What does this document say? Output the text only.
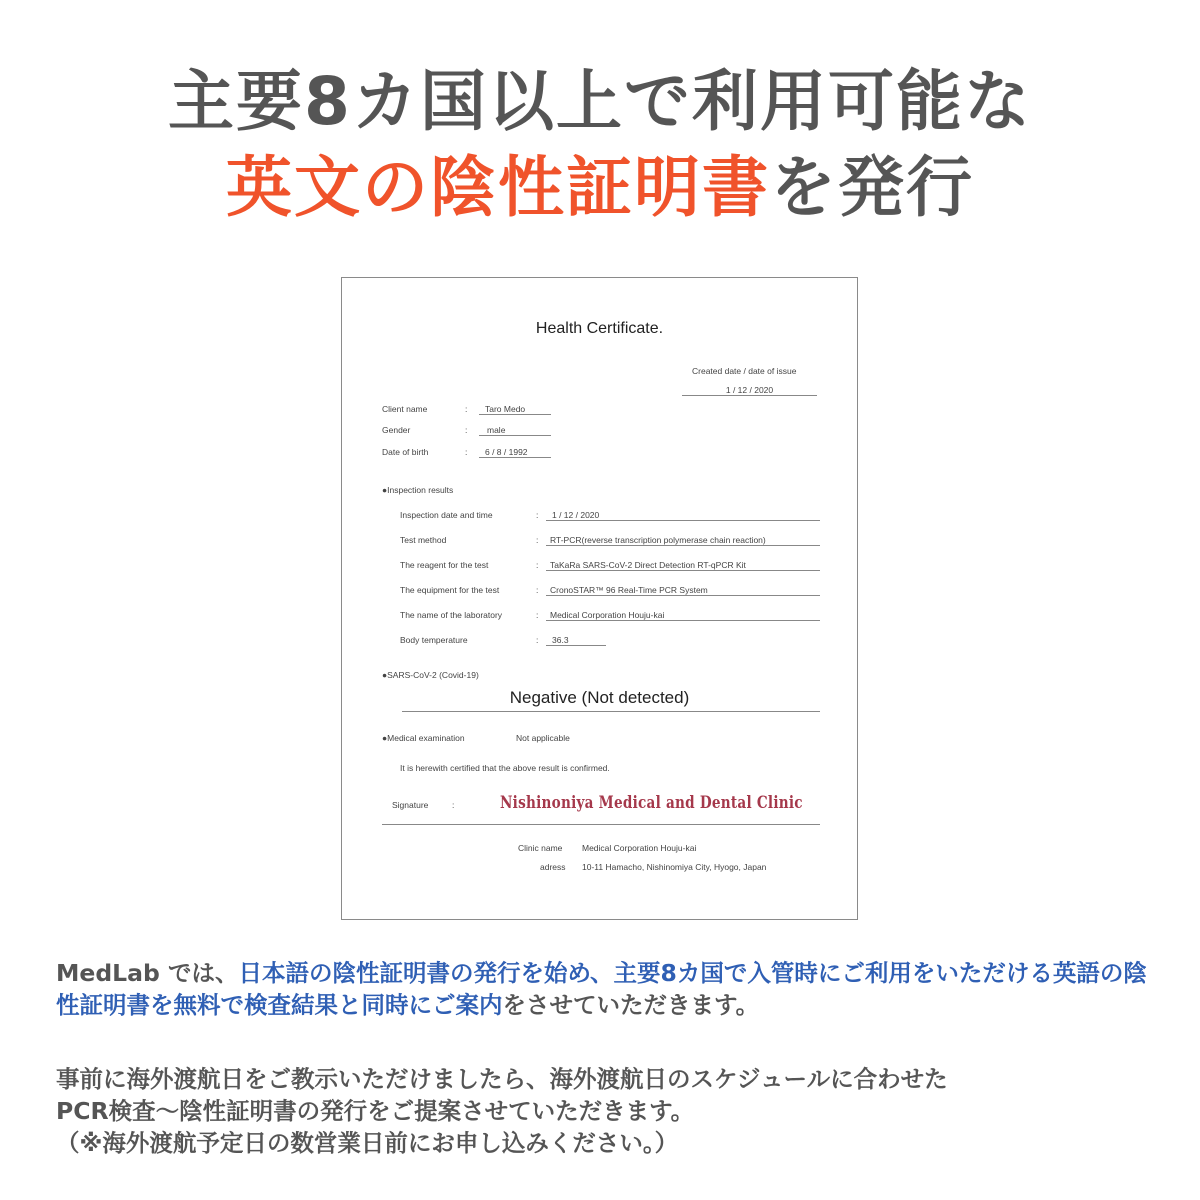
主要8カ国以上で利用可能な
英文の陰性証明書を発行
Health Certificate.
Created date / date of issue
1 / 12 / 2020
Client name	:	Taro Medo
Gender	:	male
Date of birth	:	6 / 8 / 1992
●Inspection results
Inspection date and time	:	1 / 12 / 2020
Test method	:	RT-PCR(reverse transcription polymerase chain reaction)
The reagent for the test	:	TaKaRa SARS-CoV-2 Direct Detection RT-qPCR Kit
The equipment for the test	:	CronoSTAR™ 96 Real-Time PCR System
The name of the laboratory	:	Medical Corporation Houju-kai
Body temperature	:	36.3
●SARS-CoV-2 (Covid-19)
Negative (Not detected)
●Medical examination	Not applicable
It is herewith certified that the above result is confirmed.
Signature	:	Nishinoniya Medical and Dental Clinic
Clinic name Medical Corporation Houju-kai
adress 10-11 Hamacho, Nishinomiya City, Hyogo, Japan
MedLab では、日本語の陰性証明書の発行を始め、主要8カ国で入管時にご利用をいただける英語の陰性証明書を無料で検査結果と同時にご案内をさせていただきます。
事前に海外渡航日をご教示いただけましたら、海外渡航日のスケジュールに合わせた
PCR検査～陰性証明書の発行をご提案させていただきます。
（※海外渡航予定日の数営業日前にお申し込みください。）
